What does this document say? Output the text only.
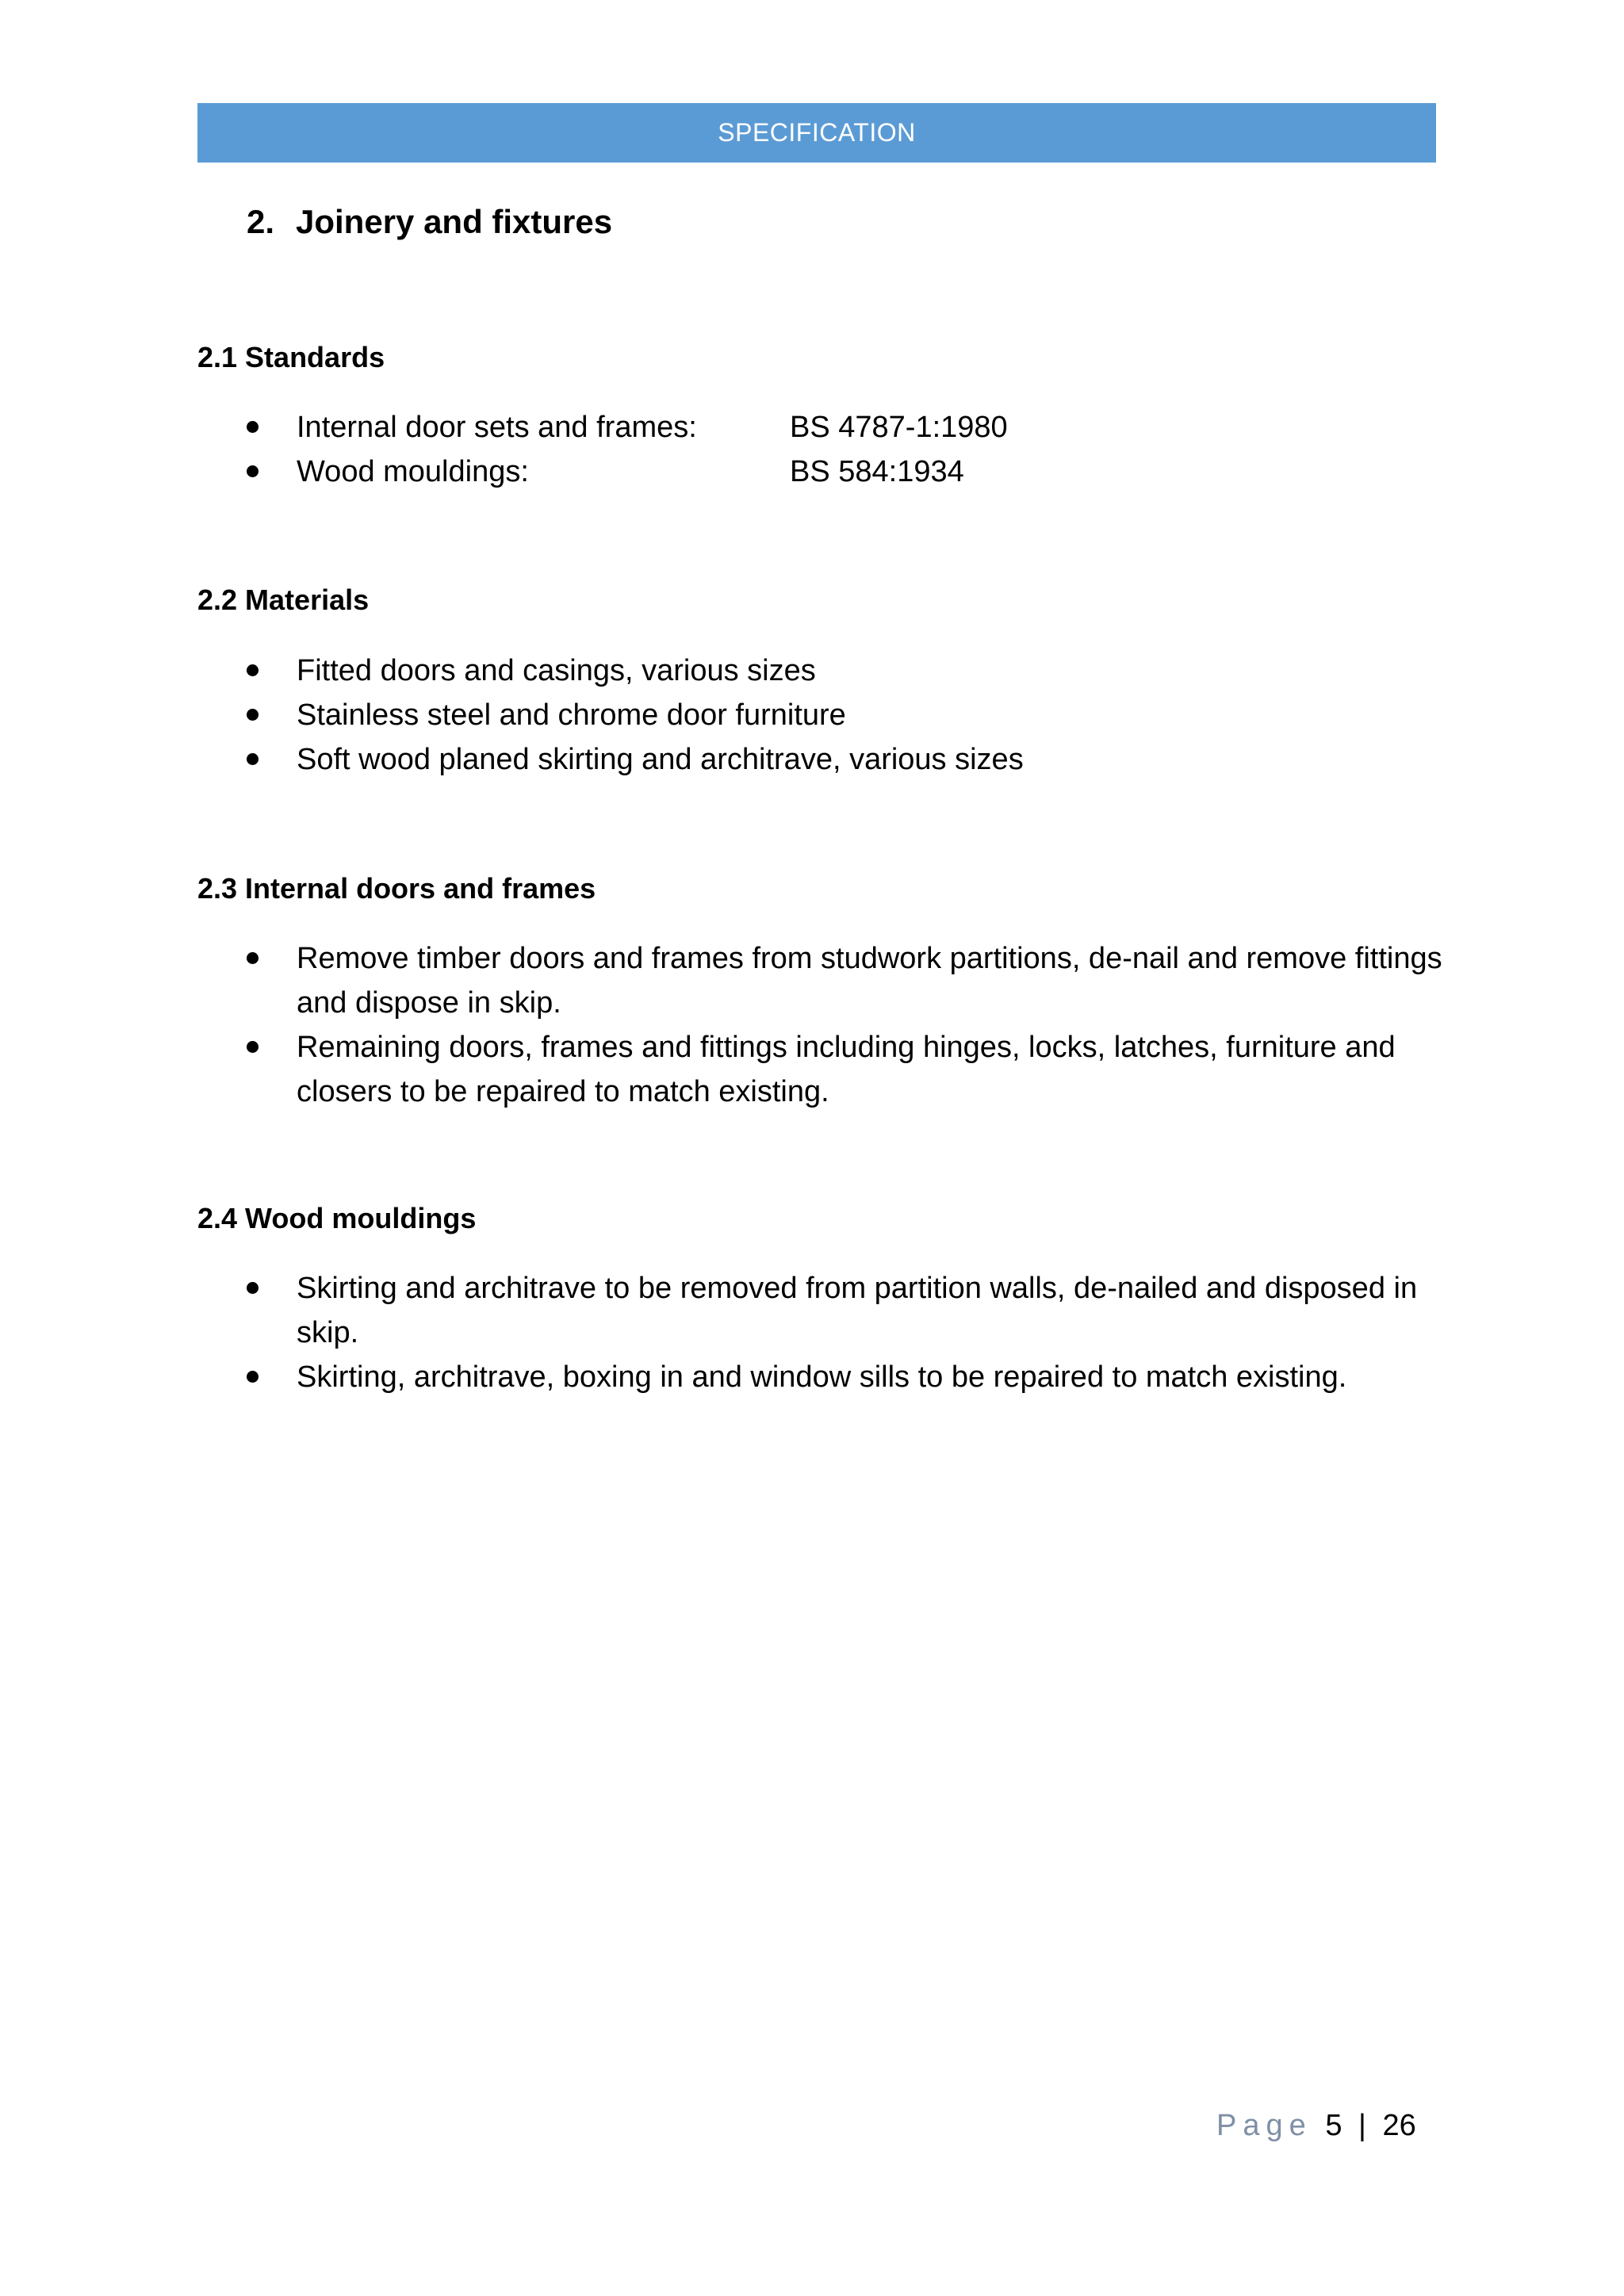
SPECIFICATION
2. Joinery and fixtures
2.1 Standards
Internal door sets and frames:	BS 4787-1:1980
Wood mouldings:	BS 584:1934
2.2 Materials
Fitted doors and casings, various sizes
Stainless steel and chrome door furniture
Soft wood planed skirting and architrave, various sizes
2.3 Internal doors and frames
Remove timber doors and frames from studwork partitions, de-nail and remove fittings and dispose in skip.
Remaining doors, frames and fittings including hinges, locks, latches, furniture and closers to be repaired to match existing.
2.4 Wood mouldings
Skirting and architrave to be removed from partition walls, de-nailed and disposed in skip.
Skirting, architrave, boxing in and window sills to be repaired to match existing.
Page 5 | 26
